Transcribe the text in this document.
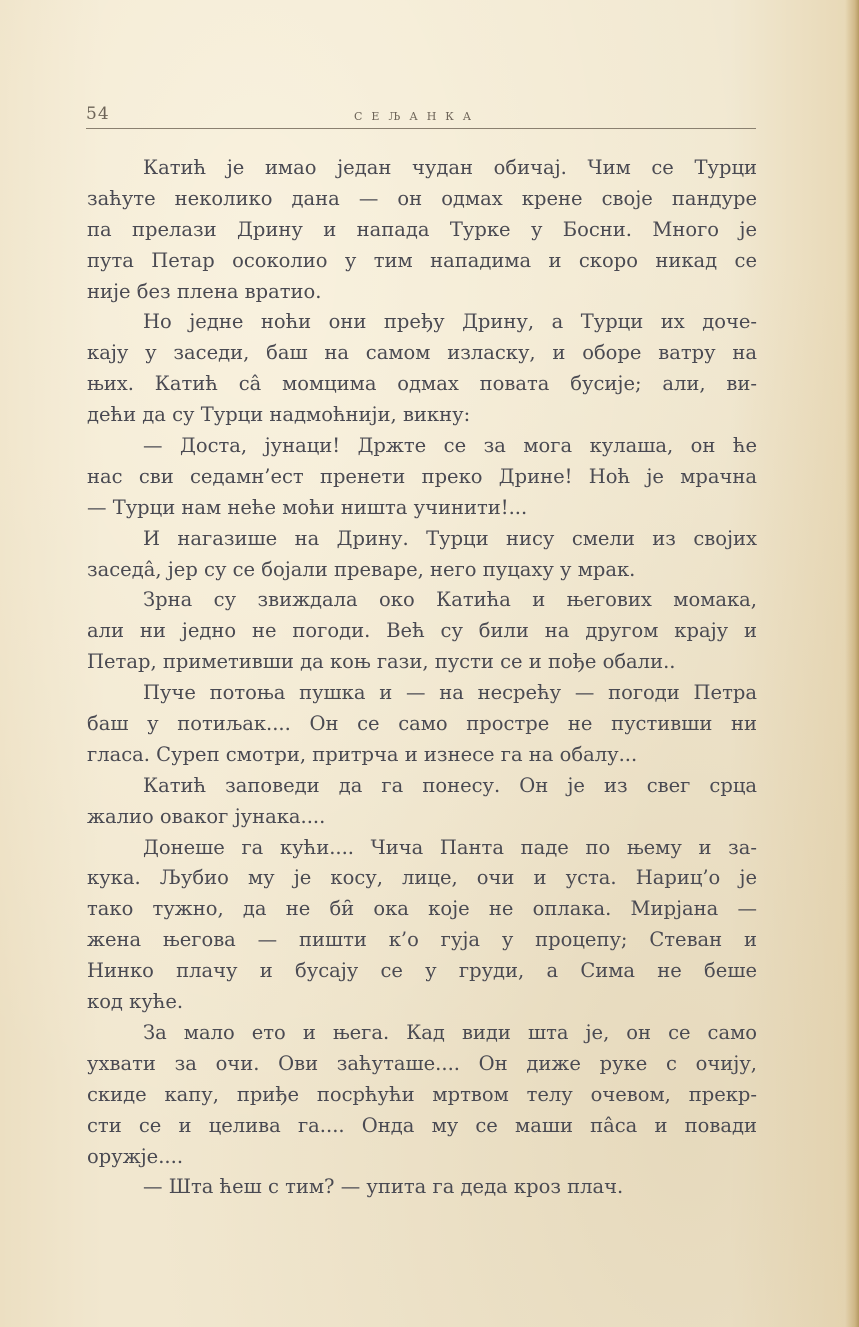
54	СЕЉАНКА
Катић је имао један чудан обичај. Чим се Турци
заћуте неколико дана — он одмах крене своје пандуре
па прелази Дрину и напада Турке у Босни. Много је
пута Петар осоколио у тим нападима и скоро никад се
није без плена вратио.
Но једне ноћи они пређу Дрину, а Турци их доче-
кају у заседи, баш на самом изласку, и оборе ватру на
њих. Катић са̂ момцима одмах повата бусије; али, ви-
дећи да су Турци надмоћнији, викну:
— Доста, јунаци! Држте се за мога кулаша, он ће
нас сви седамн’ест пренети преко Дрине! Ноћ је мрачна
— Турци нам неће моћи ништа учинити!...
И нагазише на Дрину. Турци нису смели из својих
заседа̂, јер су се бојали преваре, него пуцаху у мрак.
Зрна су звиждала око Катића и његових момака,
али ни једно не погоди. Већ су били на другом крају и
Петар, приметивши да коњ гази, пусти се и пође обали..
Пуче потоња пушка и — на несрећу — погоди Петра
баш у потиљак.... Он се само простре не пустивши ни
гласа. Суреп смотри, притрча и изнесе га на обалу...
Катић заповеди да га понесу. Он је из свег срца
жалио оваког јунака....
Донеше га кући.... Чича Панта паде по њему и за-
кука. Љубио му је косу, лице, очи и уста. Нариц’о је
тако тужно, да не би̑ ока које не оплака. Мирјана —
жена његова — пишти к’о гуја у процепу; Стеван и
Нинко плачу и бусају се у груди, а Сима не беше
код куће.
За мало ето и њега. Кад види шта је, он се само
ухвати за очи. Ови заћуташе.... Он диже руке с очију,
скиде капу, приђе посрћући мртвом телу очевом, прекр-
сти се и целива га.... Онда му се маши па̂са и повади
оружје....
— Шта ћеш с тим? — упита га деда кроз плач.
